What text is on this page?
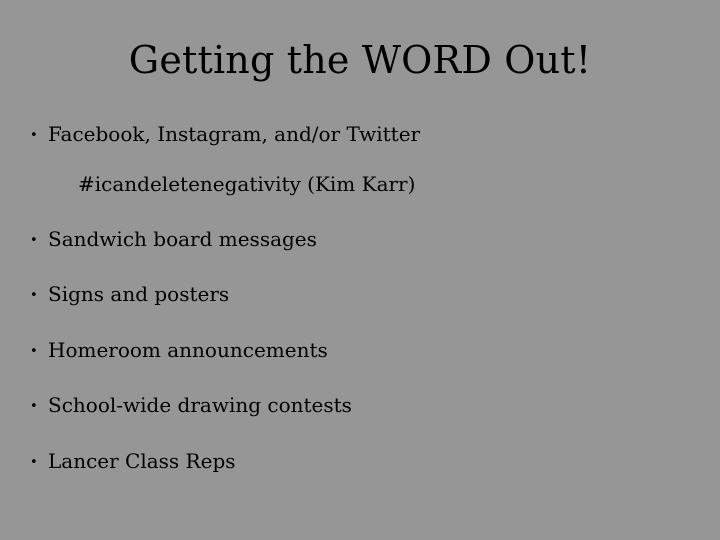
Getting the WORD Out!
• Facebook, Instagram, and/or Twitter
#icandeletenegativity (Kim Karr)
• Sandwich board messages
• Signs and posters
• Homeroom announcements
• School-wide drawing contests
• Lancer Class Reps
